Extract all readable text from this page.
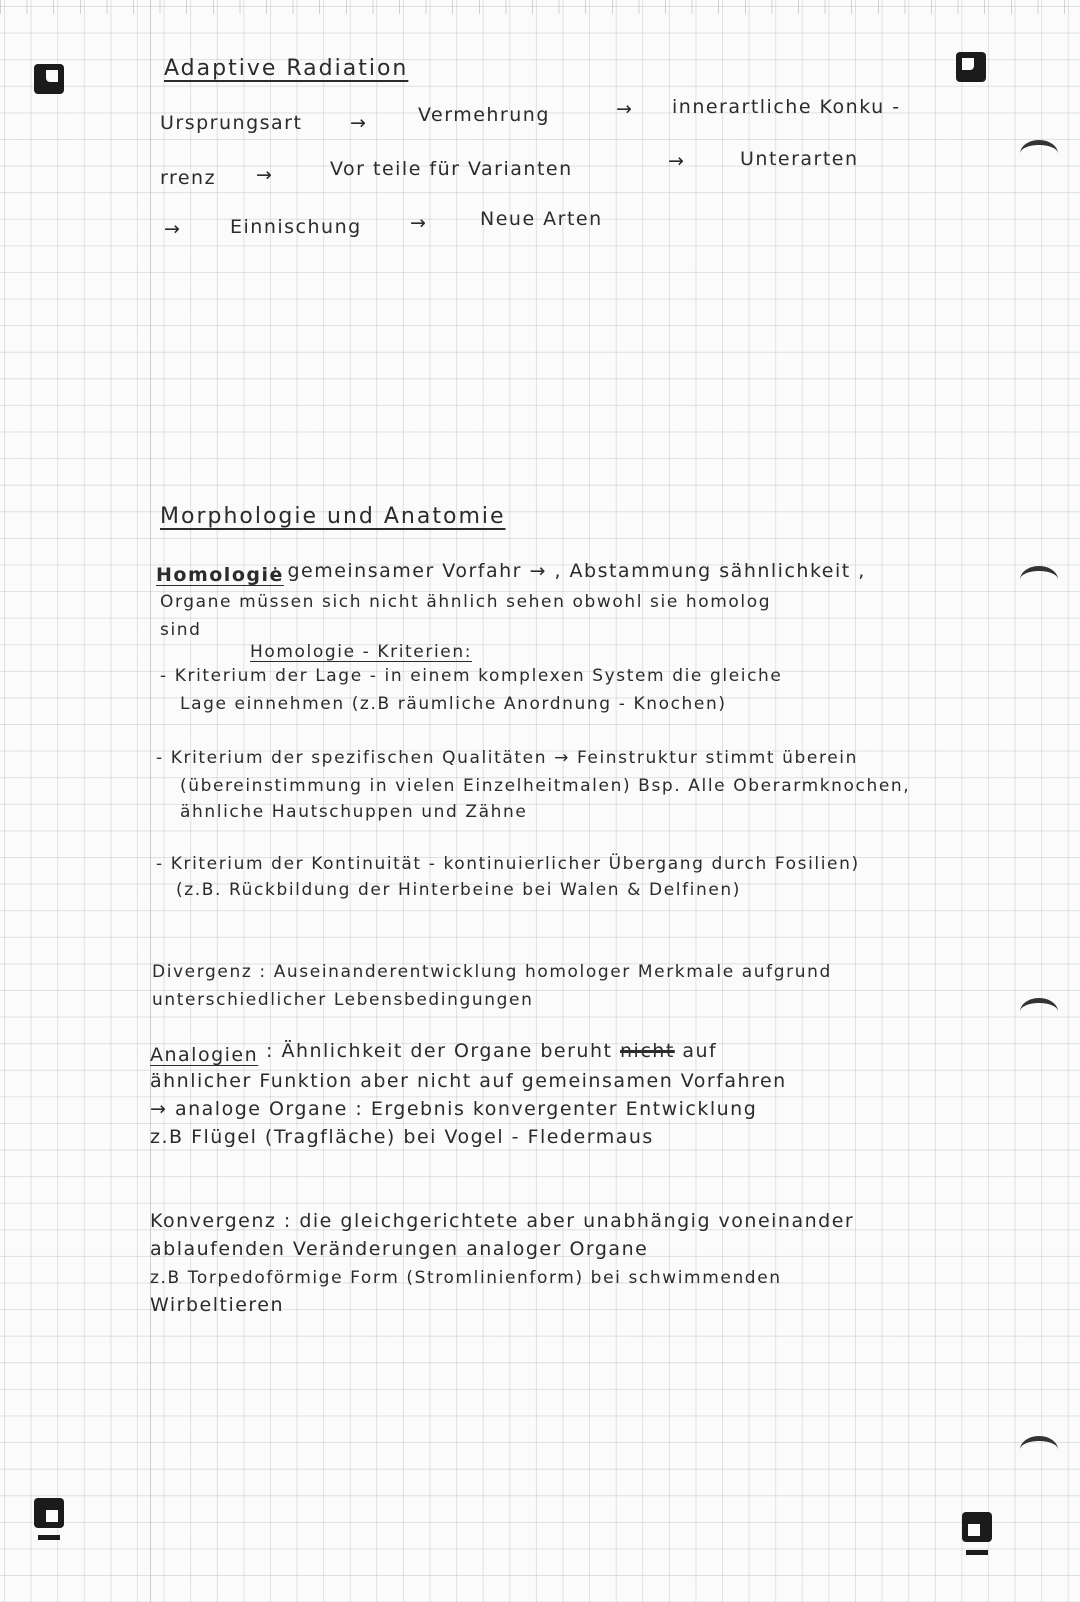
Adaptive Radiation
Ursprungsart	→	Vermehrung	→ innerartliche Konku -
rrenz →	Vor teile für Varianten	→	Unterarten
→	Einnischung	→	Neue Arten
Morphologie und Anatomie
Homologie
: gemeinsamer Vorfahr → , Abstammung sähnlichkeit ,
Organe müssen sich nicht ähnlich sehen obwohl sie homolog
sind
Homologie - Kriterien:
- Kriterium der Lage - in einem komplexen System die gleiche
Lage einnehmen (z.B räumliche Anordnung - Knochen)
- Kriterium der spezifischen Qualitäten → Feinstruktur stimmt überein
(übereinstimmung in vielen Einzelheitmalen) Bsp. Alle Oberarmknochen,
ähnliche Hautschuppen und Zähne
- Kriterium der Kontinuität - kontinuierlicher Übergang durch Fosilien)
(z.B. Rückbildung der Hinterbeine bei Walen & Delfinen)
Divergenz : Auseinanderentwicklung homologer Merkmale aufgrund
unterschiedlicher Lebensbedingungen
Analogien : Ähnlichkeit der Organe beruht nicht auf
ähnlicher Funktion aber nicht auf gemeinsamen Vorfahren
→ analoge Organe : Ergebnis konvergenter Entwicklung
z.B Flügel (Tragfläche) bei Vogel - Fledermaus
Konvergenz : die gleichgerichtete aber unabhängig voneinander
ablaufenden Veränderungen analoger Organe
z.B Torpedoförmige Form (Stromlinienform) bei schwimmenden
Wirbeltieren
